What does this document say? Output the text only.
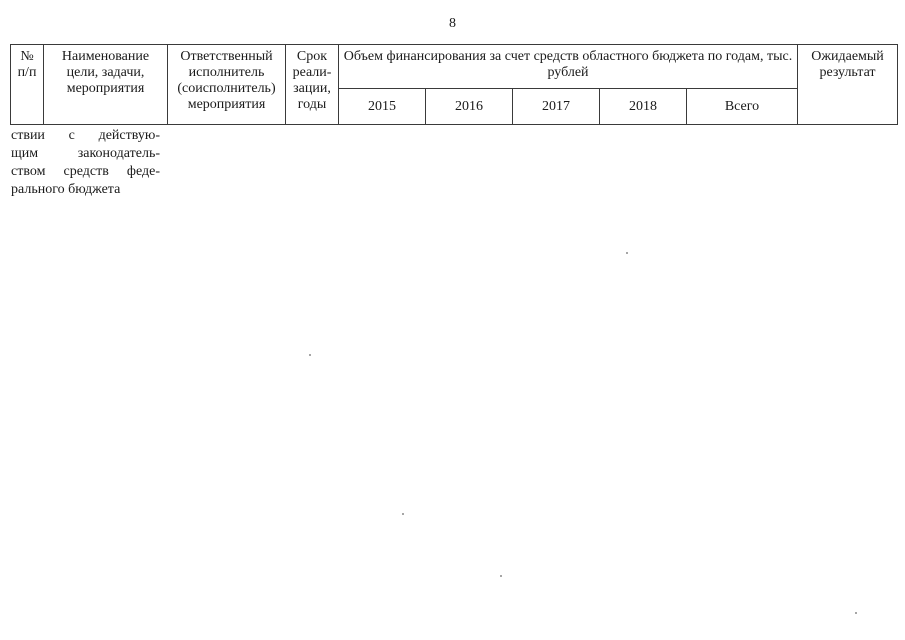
8
№ п/п	Наименование цели, задачи, мероприятия	Ответственный исполнитель (соисполнитель) мероприятия	Срок реали-зации, годы	Объем финансирования за счет средств областного бюджета по годам, тыс. рублей					Ожидаемый результат
				2015	2016	2017	2018	Всего	
ствии с действую-
щим законодатель-
ством средств феде-
рального бюджета
